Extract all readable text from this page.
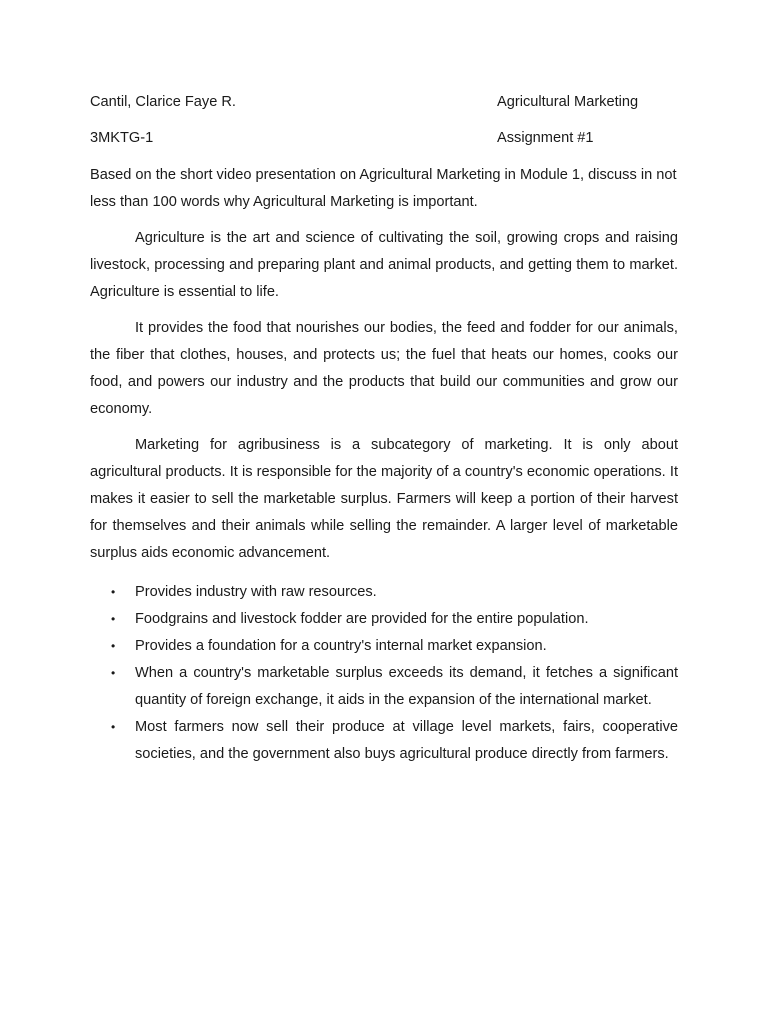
Cantil, Clarice Faye R.	Agricultural Marketing
3MKTG-1	Assignment #1

Based on the short video presentation on Agricultural Marketing in Module 1, discuss in not less than 100 words why Agricultural Marketing is important.

Agriculture is the art and science of cultivating the soil, growing crops and raising livestock, processing and preparing plant and animal products, and getting them to market. Agriculture is essential to life.

It provides the food that nourishes our bodies, the feed and fodder for our animals, the fiber that clothes, houses, and protects us; the fuel that heats our homes, cooks our food, and powers our industry and the products that build our communities and grow our economy.

Marketing for agribusiness is a subcategory of marketing. It is only about agricultural products. It is responsible for the majority of a country's economic operations. It makes it easier to sell the marketable surplus. Farmers will keep a portion of their harvest for themselves and their animals while selling the remainder. A larger level of marketable surplus aids economic advancement.

• Provides industry with raw resources.
• Foodgrains and livestock fodder are provided for the entire population.
• Provides a foundation for a country's internal market expansion.
• When a country's marketable surplus exceeds its demand, it fetches a significant quantity of foreign exchange, it aids in the expansion of the international market.
• Most farmers now sell their produce at village level markets, fairs, cooperative societies, and the government also buys agricultural produce directly from farmers.
